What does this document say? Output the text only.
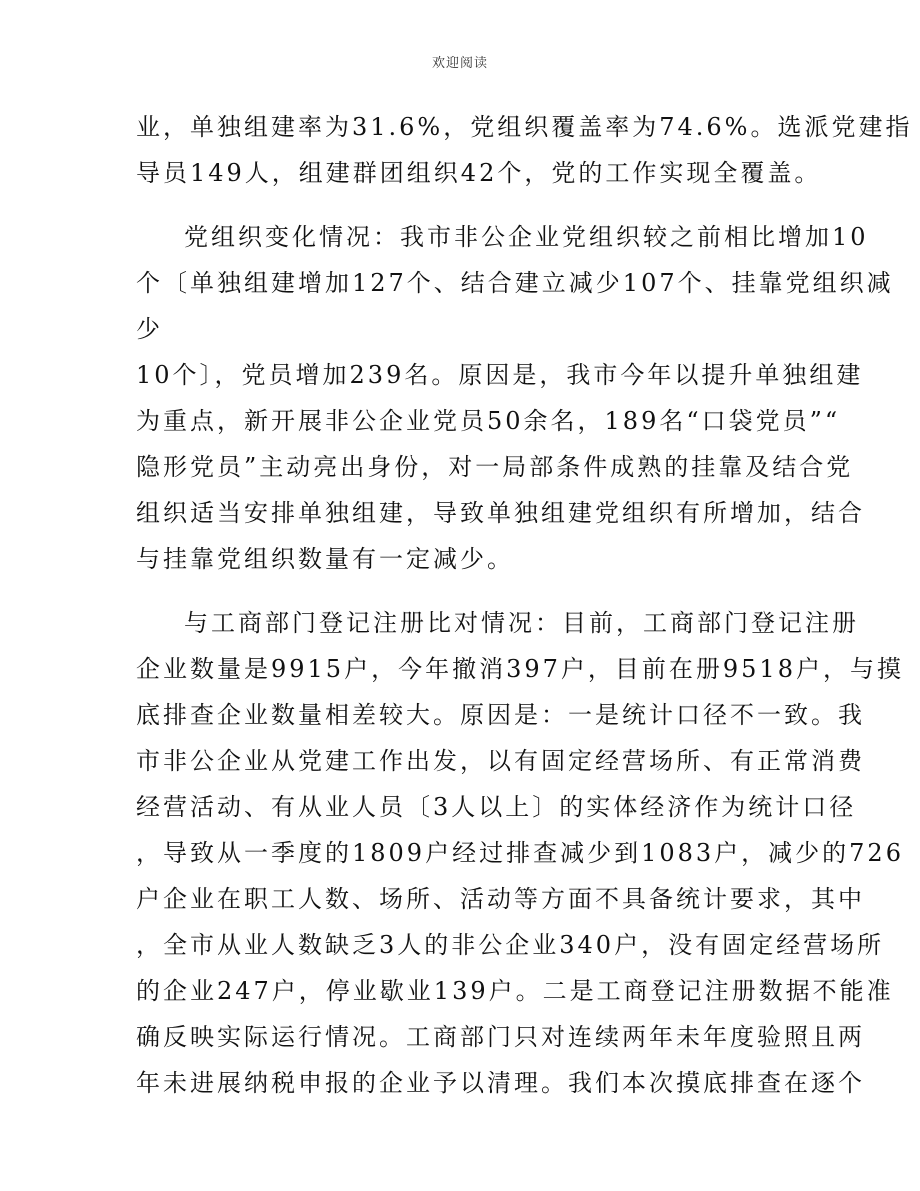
欢迎阅读
业，单独组建率为31.6%，党组织覆盖率为74.6%。选派党建指
导员149人，组建群团组织42个，党的工作实现全覆盖。
党组织变化情况：我市非公企业党组织较之前相比增加10
个〔单独组建增加127个、结合建立减少107个、挂靠党组织减
少
10个〕，党员增加239名。原因是，我市今年以提升单独组建
为重点，新开展非公企业党员50余名，189名“口袋党员”“
隐形党员”主动亮出身份，对一局部条件成熟的挂靠及结合党
组织适当安排单独组建，导致单独组建党组织有所增加，结合
与挂靠党组织数量有一定减少。
与工商部门登记注册比对情况：目前，工商部门登记注册
企业数量是9915户，今年撤消397户，目前在册9518户，与摸
底排查企业数量相差较大。原因是：一是统计口径不一致。我
市非公企业从党建工作出发，以有固定经营场所、有正常消费
经营活动、有从业人员〔3人以上〕的实体经济作为统计口径
，导致从一季度的1809户经过排查减少到1083户，减少的726
户企业在职工人数、场所、活动等方面不具备统计要求，其中
，全市从业人数缺乏3人的非公企业340户，没有固定经营场所
的企业247户，停业歇业139户。二是工商登记注册数据不能准
确反映实际运行情况。工商部门只对连续两年未年度验照且两
年未进展纳税申报的企业予以清理。我们本次摸底排查在逐个
